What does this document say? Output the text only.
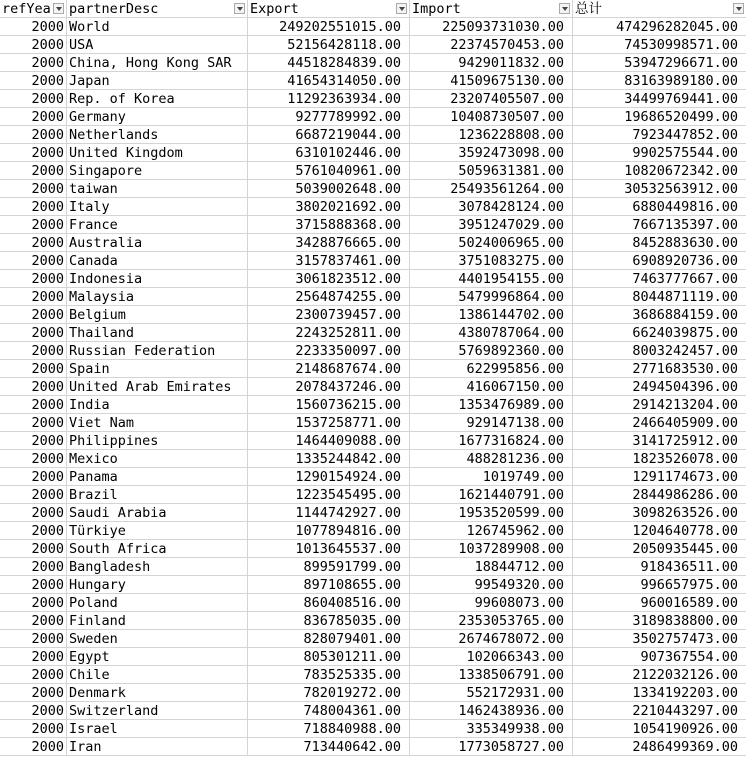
refYea	partnerDesc	Export	Import	总计
2000 World	249202551015.00	225093731030.00	474296282045.00
2000 USA	52156428118.00	22374570453.00	74530998571.00
2000 China, Hong Kong SAR	44518284839.00	9429011832.00	53947296671.00
2000 Japan	41654314050.00	41509675130.00	83163989180.00
2000 Rep. of Korea	11292363934.00	23207405507.00	34499769441.00
2000 Germany	9277789992.00	10408730507.00	19686520499.00
2000 Netherlands	6687219044.00	1236228808.00	7923447852.00
2000 United Kingdom	6310102446.00	3592473098.00	9902575544.00
2000 Singapore	5761040961.00	5059631381.00	10820672342.00
2000 taiwan	5039002648.00	25493561264.00	30532563912.00
2000 Italy	3802021692.00	3078428124.00	6880449816.00
2000 France	3715888368.00	3951247029.00	7667135397.00
2000 Australia	3428876665.00	5024006965.00	8452883630.00
2000 Canada	3157837461.00	3751083275.00	6908920736.00
2000 Indonesia	3061823512.00	4401954155.00	7463777667.00
2000 Malaysia	2564874255.00	5479996864.00	8044871119.00
2000 Belgium	2300739457.00	1386144702.00	3686884159.00
2000 Thailand	2243252811.00	4380787064.00	6624039875.00
2000 Russian Federation	2233350097.00	5769892360.00	8003242457.00
2000 Spain	2148687674.00	622995856.00	2771683530.00
2000 United Arab Emirates	2078437246.00	416067150.00	2494504396.00
2000 India	1560736215.00	1353476989.00	2914213204.00
2000 Viet Nam	1537258771.00	929147138.00	2466405909.00
2000 Philippines	1464409088.00	1677316824.00	3141725912.00
2000 Mexico	1335244842.00	488281236.00	1823526078.00
2000 Panama	1290154924.00	1019749.00	1291174673.00
2000 Brazil	1223545495.00	1621440791.00	2844986286.00
2000 Saudi Arabia	1144742927.00	1953520599.00	3098263526.00
2000 Türkiye	1077894816.00	126745962.00	1204640778.00
2000 South Africa	1013645537.00	1037289908.00	2050935445.00
2000 Bangladesh	899591799.00	18844712.00	918436511.00
2000 Hungary	897108655.00	99549320.00	996657975.00
2000 Poland	860408516.00	99608073.00	960016589.00
2000 Finland	836785035.00	2353053765.00	3189838800.00
2000 Sweden	828079401.00	2674678072.00	3502757473.00
2000 Egypt	805301211.00	102066343.00	907367554.00
2000 Chile	783525335.00	1338506791.00	2122032126.00
2000 Denmark	782019272.00	552172931.00	1334192203.00
2000 Switzerland	748004361.00	1462438936.00	2210443297.00
2000 Israel	718840988.00	335349938.00	1054190926.00
2000 Iran	713440642.00	1773058727.00	2486499369.00
